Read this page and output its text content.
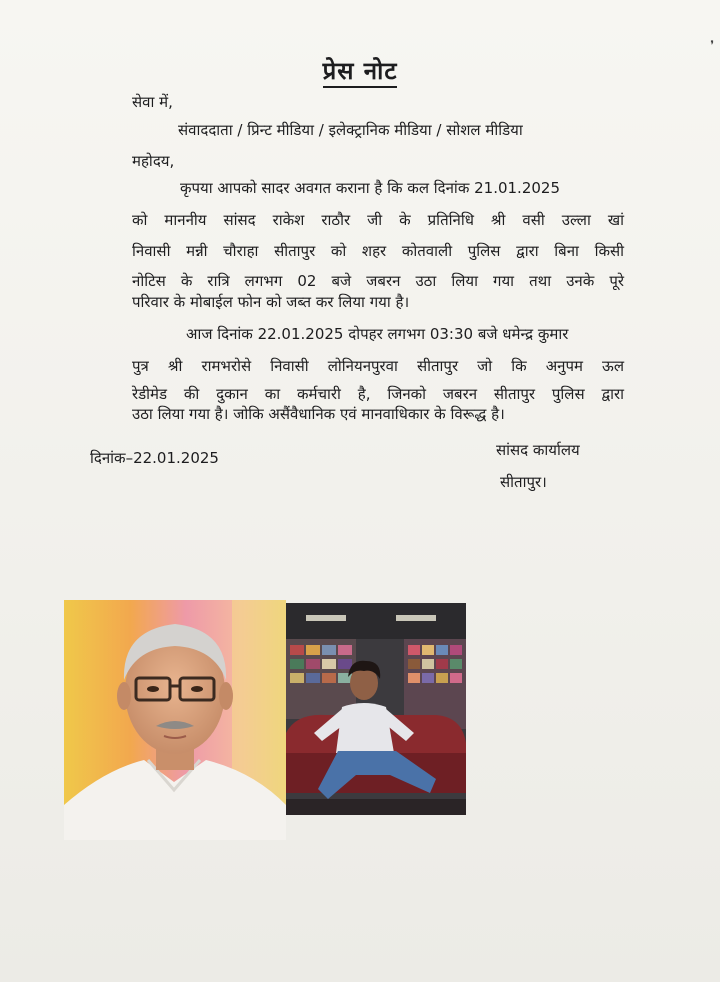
❜
प्रेस नोट
सेवा में,
संवाददाता / प्रिन्ट मीडिया / इलेक्ट्रानिक मीडिया / सोशल मीडिया
महोदय,
कृपया आपको सादर अवगत कराना है कि कल दिनांक 21.01.2025
को माननीय सांसद राकेश राठौर जी के प्रतिनिधि श्री वसी उल्ला खां
निवासी मन्नी चौराहा सीतापुर को शहर कोतवाली पुलिस द्वारा बिना किसी
नोटिस के रात्रि लगभग 02 बजे जबरन उठा लिया गया तथा उनके पूरे
परिवार के मोबाईल फोन को जब्त कर लिया गया है।
आज दिनांक 22.01.2025 दोपहर लगभग 03:30 बजे धमेन्द्र कुमार
पुत्र श्री रामभरोसे निवासी लोनियनपुरवा सीतापुर जो कि अनुपम ऊल
रेडीमेड की दुकान का कर्मचारी है, जिनको जबरन सीतापुर पुलिस द्वारा
उठा लिया गया है। जोकि असैंवैधानिक एवं मानवाधिकार के विरूद्ध है।
दिनांक–22.01.2025	सांसद कार्यालय
सीतापुर।
